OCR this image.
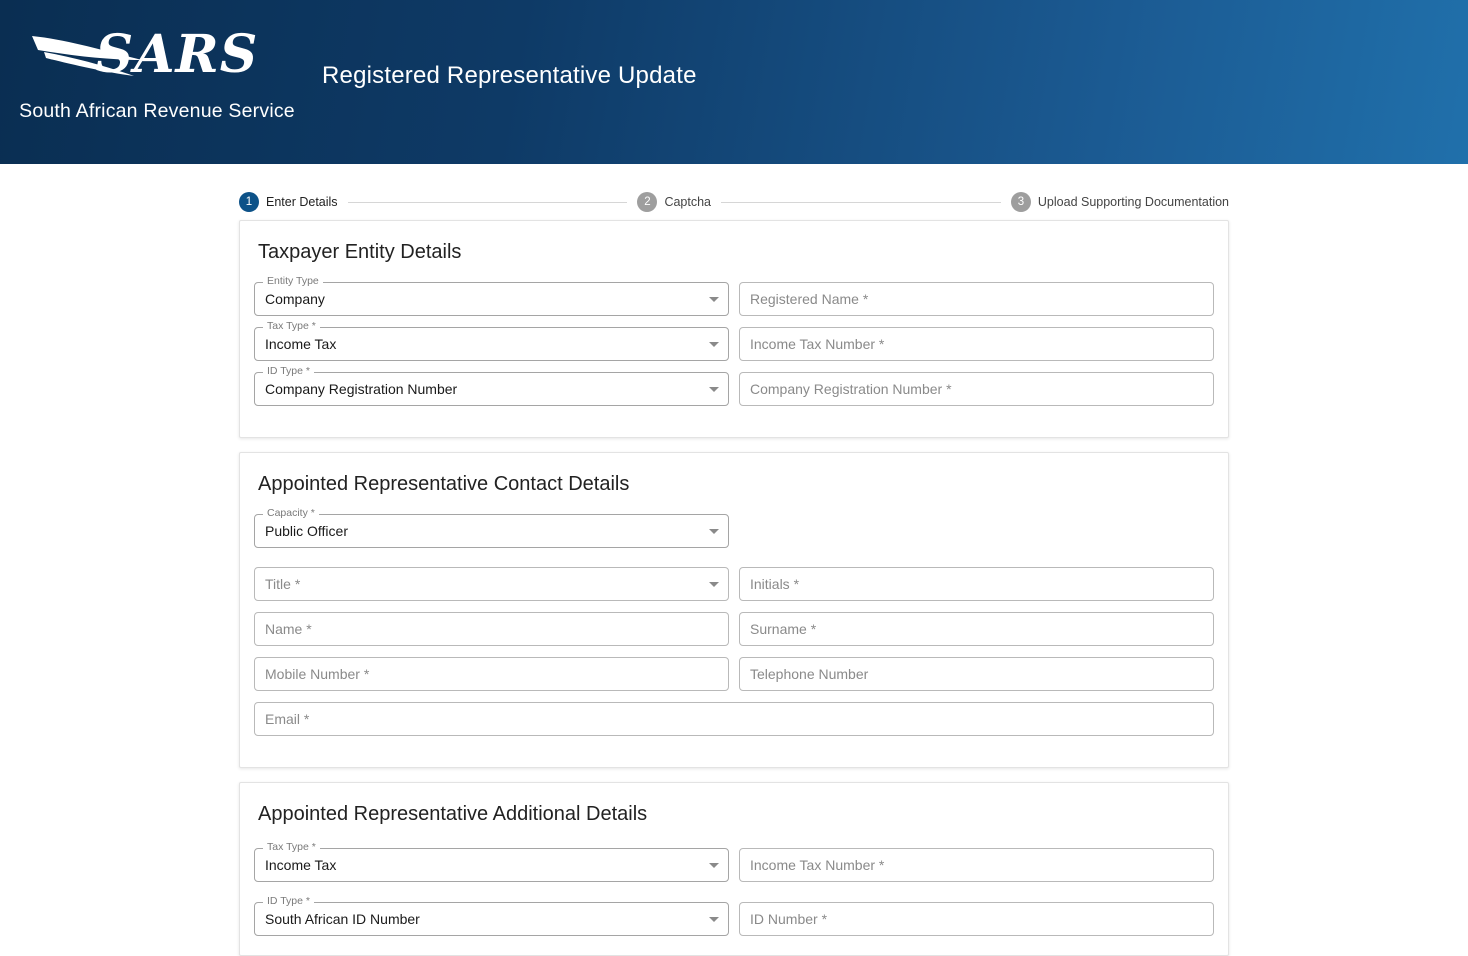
SARS
South African Revenue Service
Registered Representative Update
1	Enter Details	2	Captcha	3	Upload Supporting Documentation
Taxpayer Entity Details
Entity Type
Company	Registered Name *
Tax Type *
Income Tax	Income Tax Number *
ID Type *
Company Registration Number	Company Registration Number *
Appointed Representative Contact Details
Capacity *
Public Officer
Title *	Initials *
Name *	Surname *
Mobile Number *	Telephone Number
Email *
Appointed Representative Additional Details
Tax Type *
Income Tax	Income Tax Number *
ID Type *
South African ID Number	ID Number *
